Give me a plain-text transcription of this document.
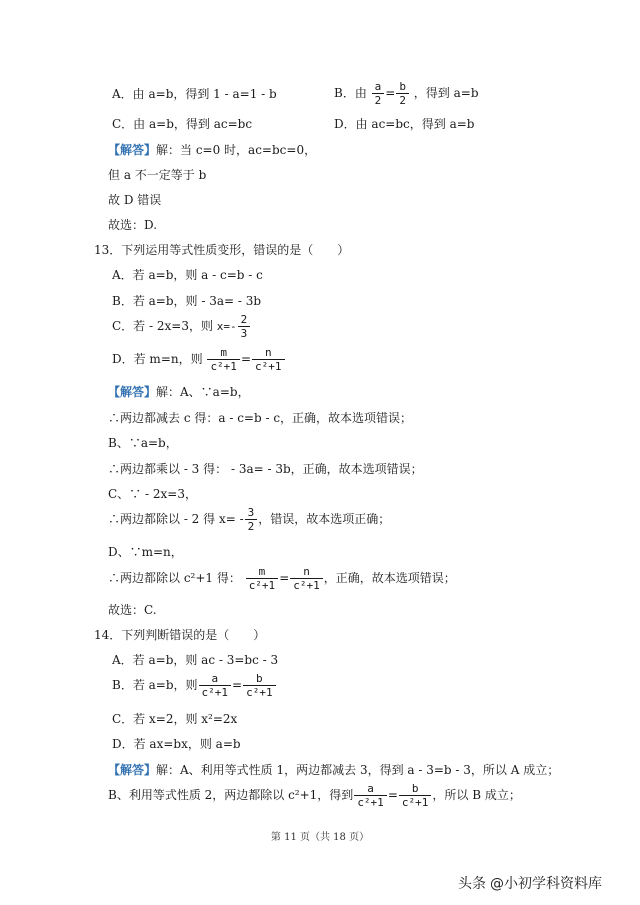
A．由 a=b，得到 1 - a=1 - b	B．由 $\frac{a}{2} = \frac{b}{2}$ ，得到 a=b
C．由 a=b，得到 ac=bc	D．由 ac=bc，得到 a=b
【解答】解：当 c=0 时，ac=bc=0，
但 a 不一定等于 b
故 D 错误
故选：D.
13．下列运用等式性质变形，错误的是（　　）
A．若 a=b，则 a - c=b - c
B．若 a=b，则 - 3a= - 3b
C．若 - 2x=3，则 $x=- \frac{2}{3}$
D．若 m=n，则 $\frac{m}{\text{c²+1}} = \frac{n}{\text{c²+1}}$
【解答】解：A、∵a=b，
∴两边都减去 c 得：a - c=b - c，正确，故本选项错误；
B、∵a=b，
∴两边都乘以 - 3 得： - 3a= - 3b，正确，故本选项错误；
C、∵ - 2x=3，
∴两边都除以 - 2 得 $x= - \frac{3}{2}$ ，错误，故本选项正确；
D、∵m=n，
∴两边都除以 c²+1 得： $\frac{m}{\text{c²+1}} = \frac{n}{\text{c²+1}}$ ，正确，故本选项错误；
故选：C.
14．下列判断错误的是（　　）
A．若 a=b，则 ac - 3=bc - 3
B．若 a=b，则 $\frac{a}{\text{c²+1}} = \frac{b}{\text{c²+1}}$
C．若 x=2，则 x²=2x
D．若 ax=bx，则 a=b
【解答】解：A、利用等式性质 1，两边都减去 3，得到 a - 3=b - 3，所以 A 成立；
B、利用等式性质 2，两边都除以 c²+1，得到 $\frac{a}{\text{c²+1}} = \frac{b}{\text{c²+1}}$ ，所以 B 成立；
第 11 页（共 18 页）
头条 @小初学科资料库
